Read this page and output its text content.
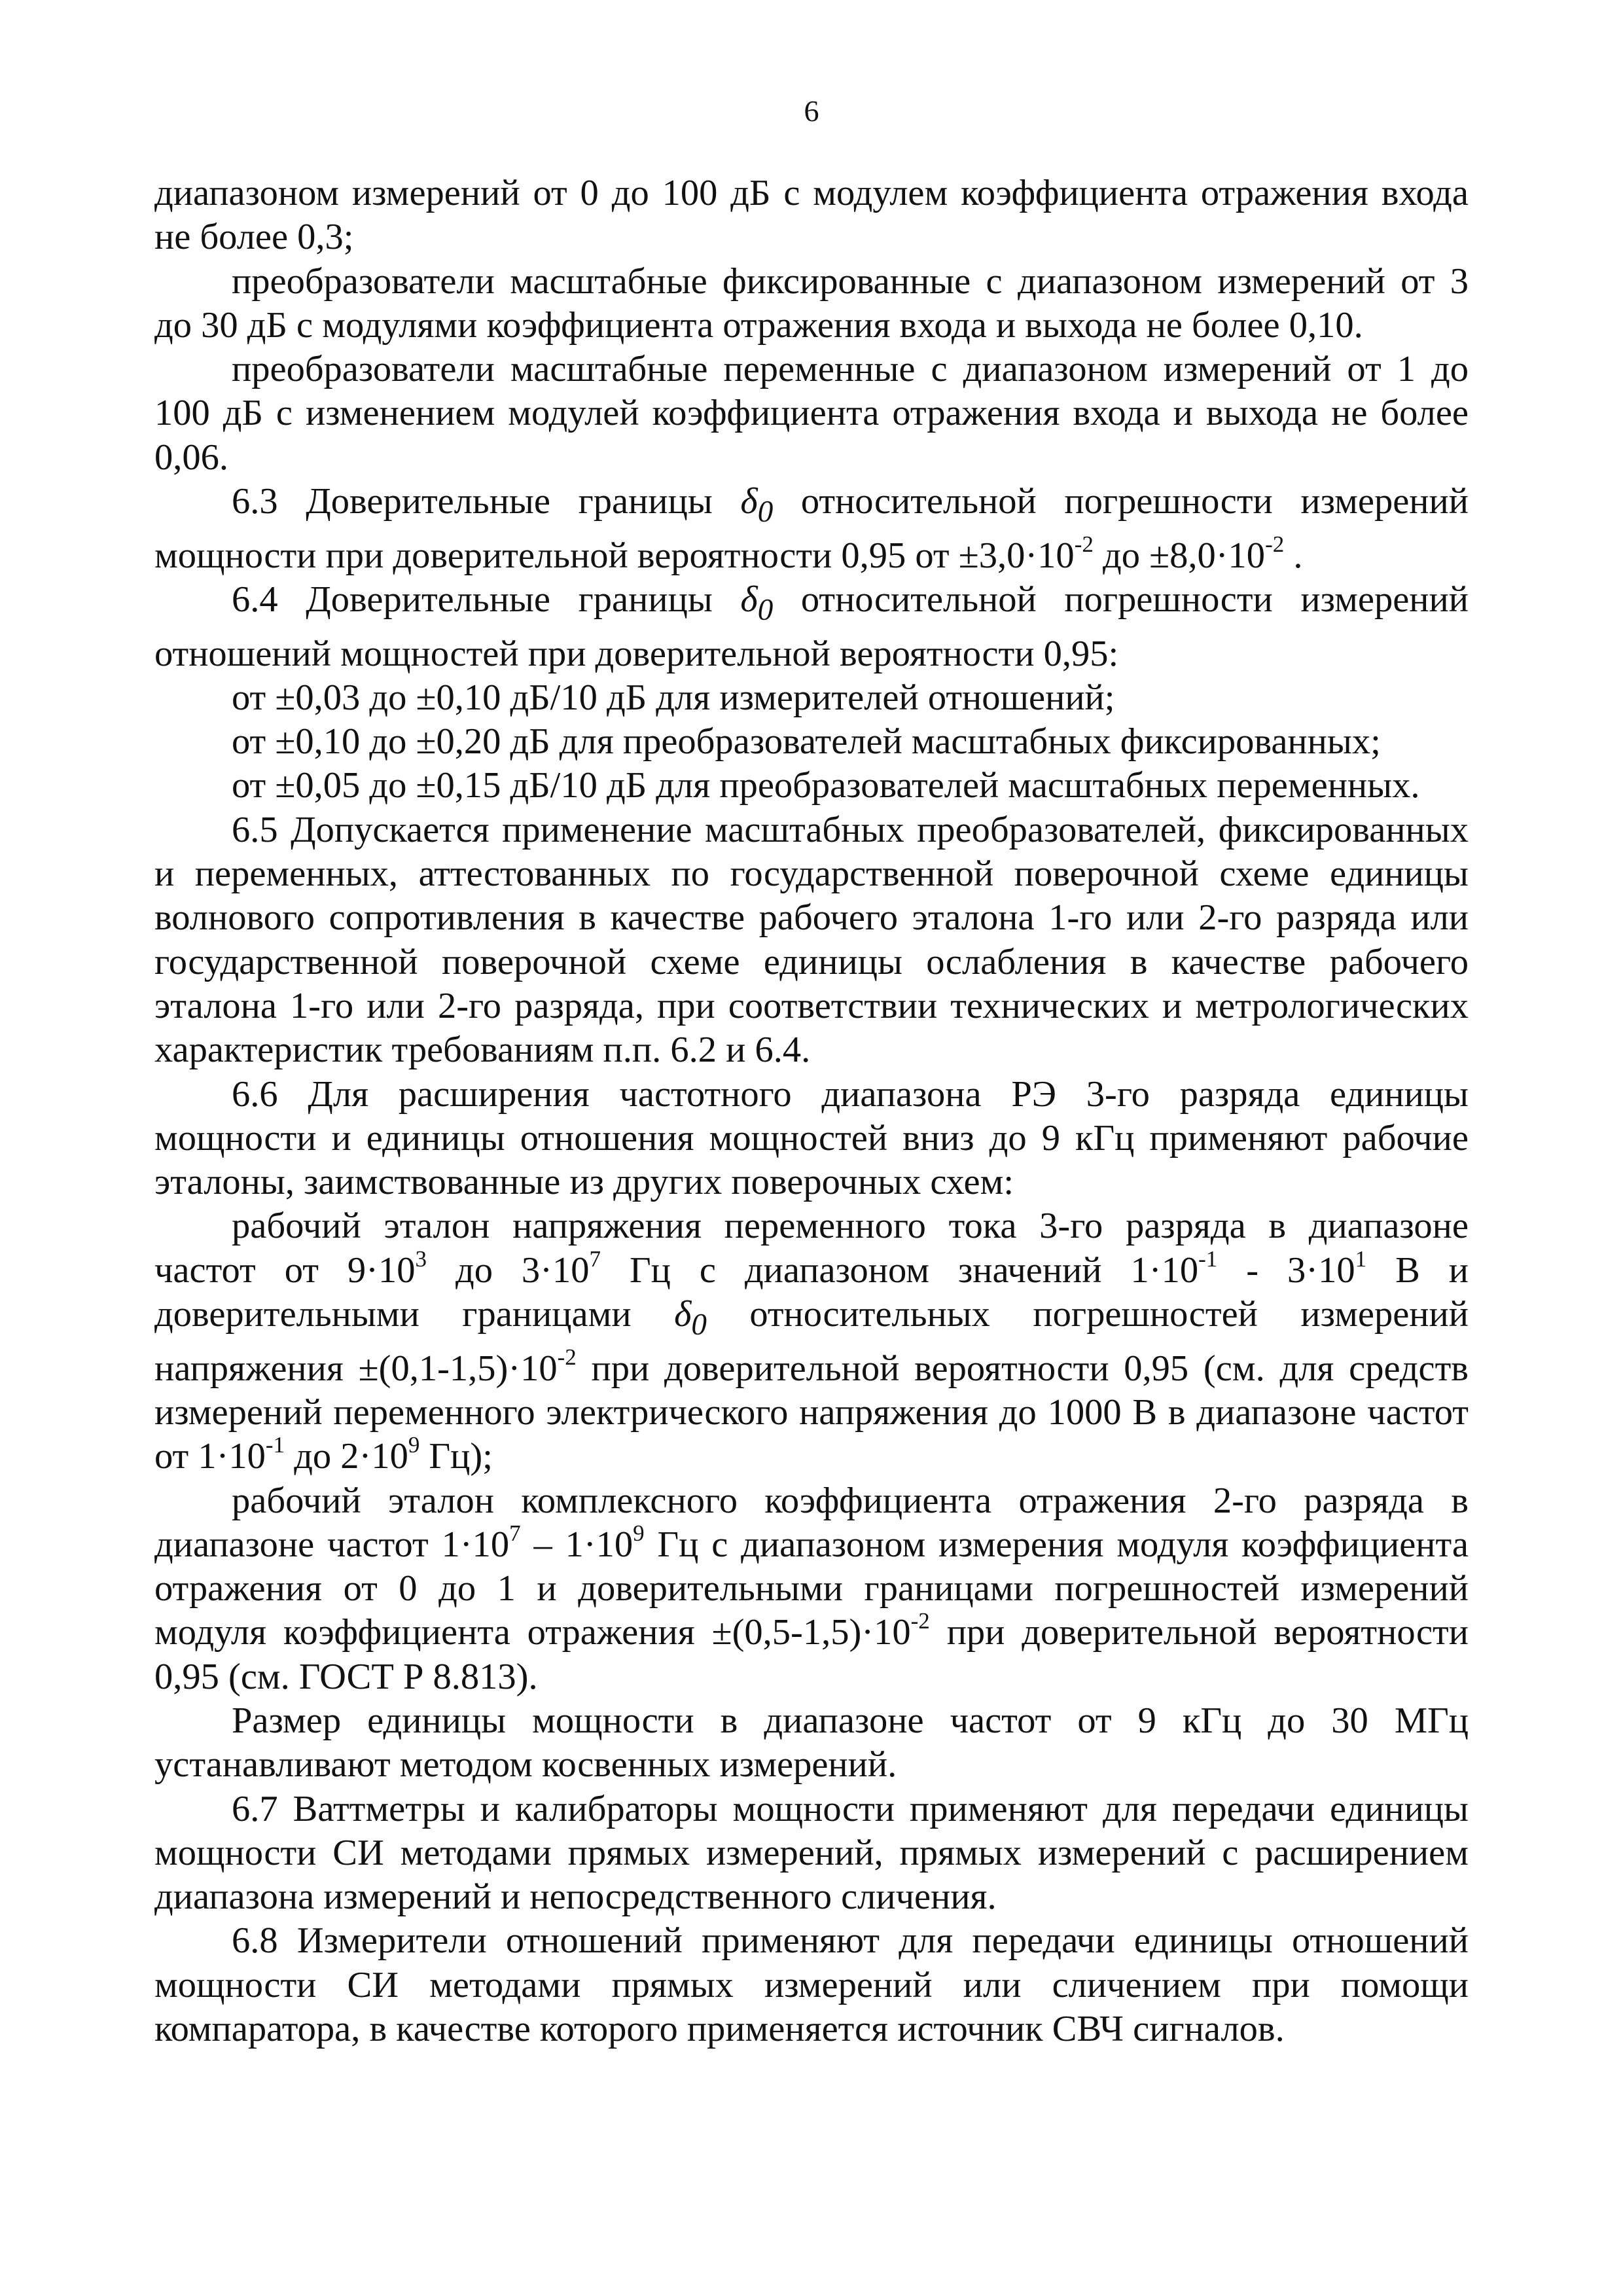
6

диапазоном измерений от 0 до 100 дБ с модулем коэффициента отражения входа не более 0,3;

преобразователи масштабные фиксированные с диапазоном измерений от 3 до 30 дБ с модулями коэффициента отражения входа и выхода не более 0,10.

преобразователи масштабные переменные с диапазоном измерений от 1 до 100 дБ с изменением модулей коэффициента отражения входа и выхода не более 0,06.

6.3 Доверительные границы $\delta_0$ относительной погрешности измерений мощности при доверительной вероятности 0,95 от $\pm 3,0\cdot 10^{-2}$ до $\pm 8,0\cdot 10^{-2}$ .

6.4 Доверительные границы $\delta_0$ относительной погрешности измерений отношений мощностей при доверительной вероятности 0,95:

от ±0,03 до ±0,10 дБ/10 дБ для измерителей отношений;

от ±0,10 до ±0,20 дБ для преобразователей масштабных фиксированных;

от ±0,05 до ±0,15 дБ/10 дБ для преобразователей масштабных переменных.

6.5 Допускается применение масштабных преобразователей, фиксированных и переменных, аттестованных по государственной поверочной схеме единицы волнового сопротивления в качестве рабочего эталона 1-го или 2-го разряда или государственной поверочной схеме единицы ослабления в качестве рабочего эталона 1-го или 2-го разряда, при соответствии технических и метрологических характеристик требованиям п.п. 6.2 и 6.4.

6.6 Для расширения частотного диапазона РЭ 3-го разряда единицы мощности и единицы отношения мощностей вниз до 9 кГц применяют рабочие эталоны, заимствованные из других поверочных схем:

рабочий эталон напряжения переменного тока 3-го разряда в диапазоне частот от $9\cdot 10^3$ до $3\cdot 10^7$ Гц с диапазоном значений $1\cdot 10^{-1} - 3\cdot 10^1$ В и доверительными границами $\delta_0$ относительных погрешностей измерений напряжения $\pm(0,1-1,5)\cdot 10^{-2}$ при доверительной вероятности 0,95 (см. для средств измерений переменного электрического напряжения до 1000 В в диапазоне частот от $1\cdot 10^{-1}$ до $2\cdot 10^9$ Гц);

рабочий эталон комплексного коэффициента отражения 2-го разряда в диапазоне частот $1\cdot 10^7 - 1\cdot 10^9$ Гц с диапазоном измерения модуля коэффициента отражения от 0 до 1 и доверительными границами погрешностей измерений модуля коэффициента отражения $\pm(0,5-1,5)\cdot 10^{-2}$ при доверительной вероятности 0,95 (см. ГОСТ Р 8.813).

Размер единицы мощности в диапазоне частот от 9 кГц до 30 МГц устанавливают методом косвенных измерений.

6.7 Ваттметры и калибраторы мощности применяют для передачи единицы мощности СИ методами прямых измерений, прямых измерений с расширением диапазона измерений и непосредственного сличения.

6.8 Измерители отношений применяют для передачи единицы отношений мощности СИ методами прямых измерений или сличением при помощи компаратора, в качестве которого применяется источник СВЧ сигналов.
